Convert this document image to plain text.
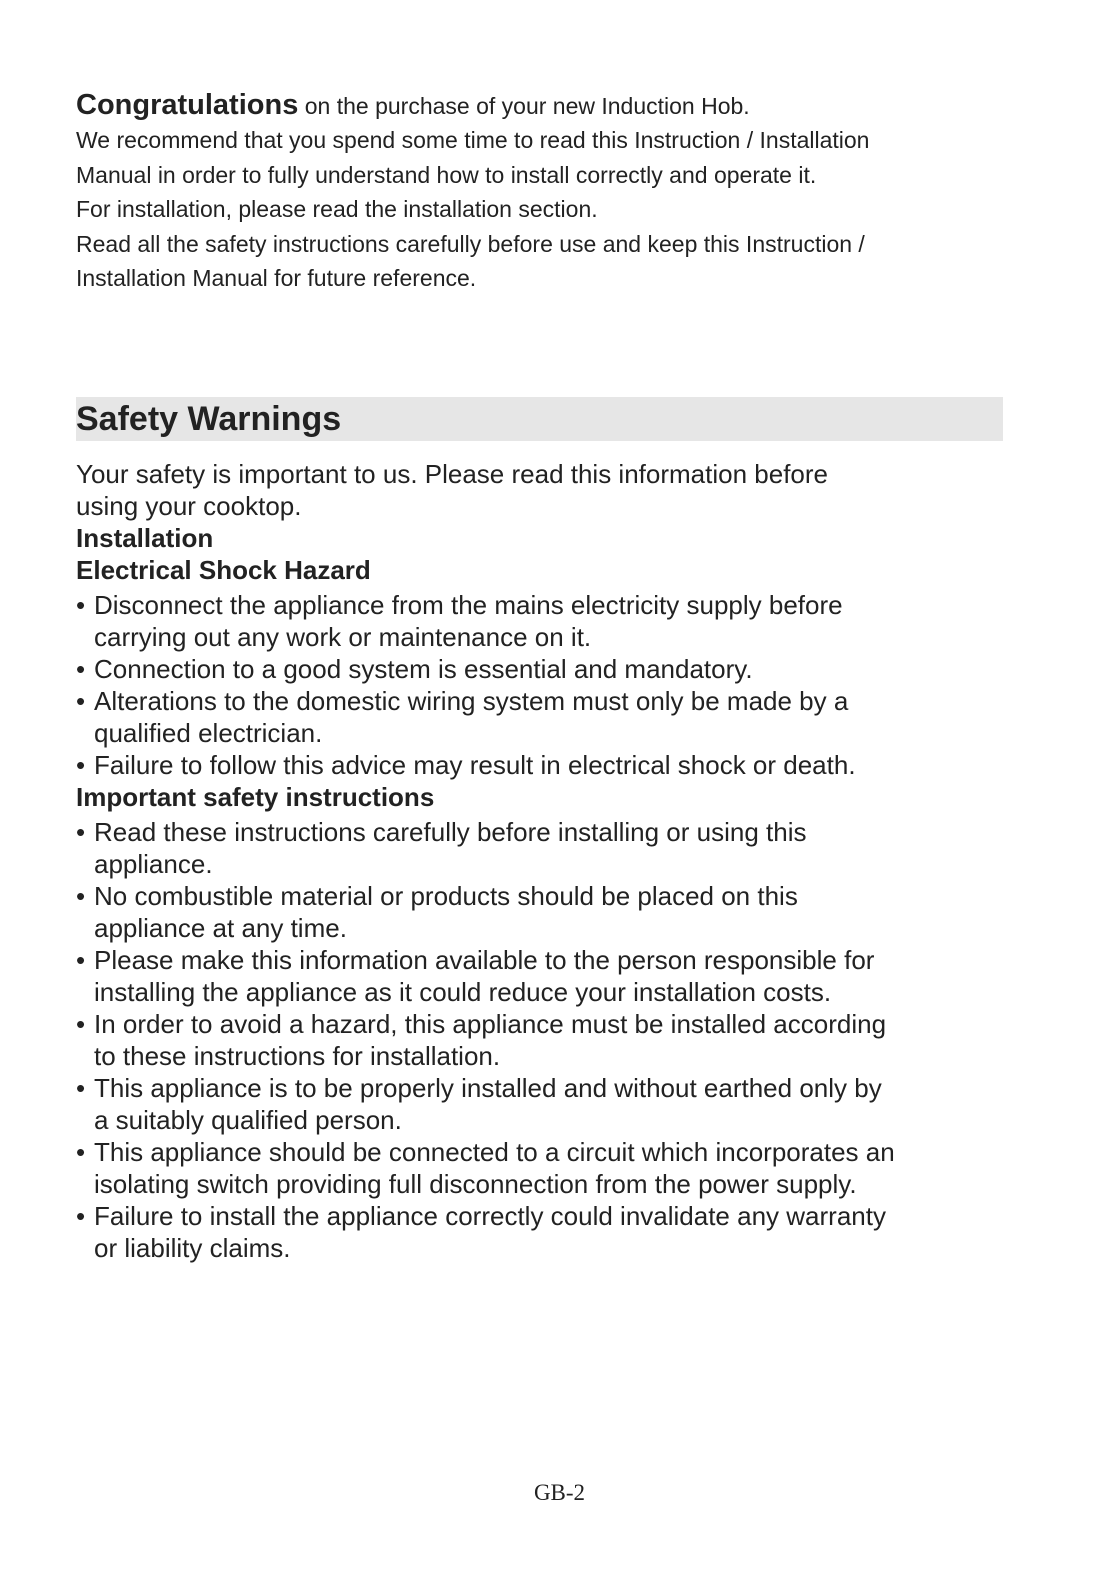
Congratulations on the purchase of your new Induction Hob.

We recommend that you spend some time to read this Instruction / Installation

Manual in order to fully understand how to install correctly and operate it.

For installation, please read the installation section.

Read all the safety instructions carefully before use and keep this Instruction /

Installation Manual for future reference.

Safety Warnings

Your safety is important to us. Please read this information before

using your cooktop.

Installation

Electrical Shock Hazard

• Disconnect the appliance from the mains electricity supply before
carrying out any work or maintenance on it.
• Connection to a good system is essential and mandatory.
• Alterations to the domestic wiring system must only be made by a
qualified electrician.
• Failure to follow this advice may result in electrical shock or death.

Important safety instructions

• Read these instructions carefully before installing or using this
appliance.
• No combustible material or products should be placed on this
appliance at any time.
• Please make this information available to the person responsible for
installing the appliance as it could reduce your installation costs.
• In order to avoid a hazard, this appliance must be installed according
to these instructions for installation.
• This appliance is to be properly installed and without earthed only by
a suitably qualified person.
• This appliance should be connected to a circuit which incorporates an
isolating switch providing full disconnection from the power supply.
• Failure to install the appliance correctly could invalidate any warranty
or liability claims.
GB-2
